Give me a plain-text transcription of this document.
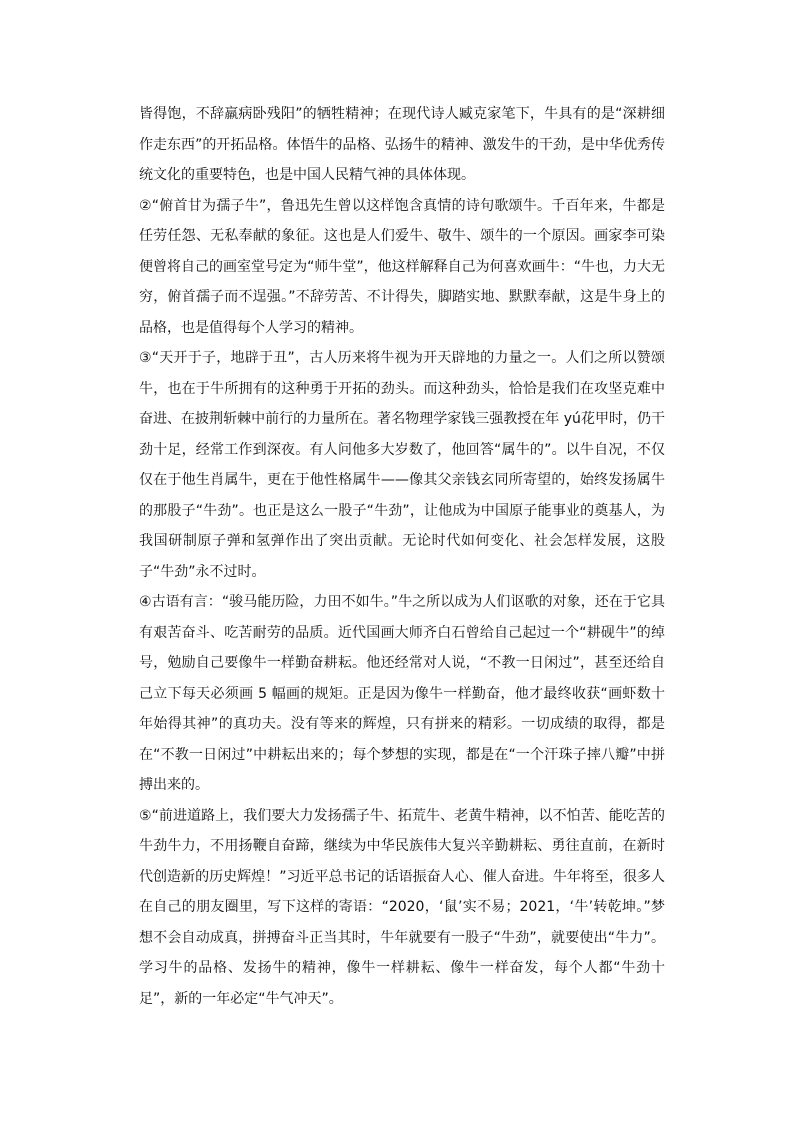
皆得饱，不辞羸病卧残阳”的牺牲精神；在现代诗人臧克家笔下，牛具有的是“深耕细作走东西”的开拓品格。体悟牛的品格、弘扬牛的精神、激发牛的干劲，是中华优秀传统文化的重要特色，也是中国人民精气神的具体体现。

②“俯首甘为孺子牛”，鲁迅先生曾以这样饱含真情的诗句歌颂牛。千百年来，牛都是任劳任怨、无私奉献的象征。这也是人们爱牛、敬牛、颂牛的一个原因。画家李可染便曾将自己的画室堂号定为“师牛堂”，他这样解释自己为何喜欢画牛：“牛也，力大无穷，俯首孺子而不逞强。”不辞劳苦、不计得失，脚踏实地、默默奉献，这是牛身上的品格，也是值得每个人学习的精神。

③“天开于子，地辟于丑”，古人历来将牛视为开天辟地的力量之一。人们之所以赞颂牛，也在于牛所拥有的这种勇于开拓的劲头。而这种劲头，恰恰是我们在攻坚克难中奋进、在披荆斩棘中前行的力量所在。著名物理学家钱三强教授在年 yú花甲时，仍干劲十足，经常工作到深夜。有人问他多大岁数了，他回答“属牛的”。以牛自况，不仅仅在于他生肖属牛，更在于他性格属牛——像其父亲钱玄同所寄望的，始终发扬属牛的那股子“牛劲”。也正是这么一股子“牛劲”，让他成为中国原子能事业的奠基人，为我国研制原子弹和氢弹作出了突出贡献。无论时代如何变化、社会怎样发展，这股子“牛劲”永不过时。

④古语有言：“骏马能历险，力田不如牛。”牛之所以成为人们讴歌的对象，还在于它具有艰苦奋斗、吃苦耐劳的品质。近代国画大师齐白石曾给自己起过一个“耕砚牛”的绰号，勉励自己要像牛一样勤奋耕耘。他还经常对人说，“不教一日闲过”，甚至还给自己立下每天必须画 5 幅画的规矩。正是因为像牛一样勤奋，他才最终收获“画虾数十年始得其神”的真功夫。没有等来的辉煌，只有拼来的精彩。一切成绩的取得，都是在“不教一日闲过”中耕耘出来的；每个梦想的实现，都是在“一个汗珠子摔八瓣”中拼搏出来的。

⑤“前进道路上，我们要大力发扬孺子牛、拓荒牛、老黄牛精神，以不怕苦、能吃苦的牛劲牛力，不用扬鞭自奋蹄，继续为中华民族伟大复兴辛勤耕耘、勇往直前，在新时代创造新的历史辉煌！”习近平总书记的话语振奋人心、催人奋进。牛年将至，很多人在自己的朋友圈里，写下这样的寄语：“2020，‘鼠’实不易；2021，‘牛’转乾坤。”梦想不会自动成真，拼搏奋斗正当其时，牛年就要有一股子“牛劲”，就要使出“牛力”。学习牛的品格、发扬牛的精神，像牛一样耕耘、像牛一样奋发，每个人都“牛劲十足”，新的一年必定“牛气冲天”。
